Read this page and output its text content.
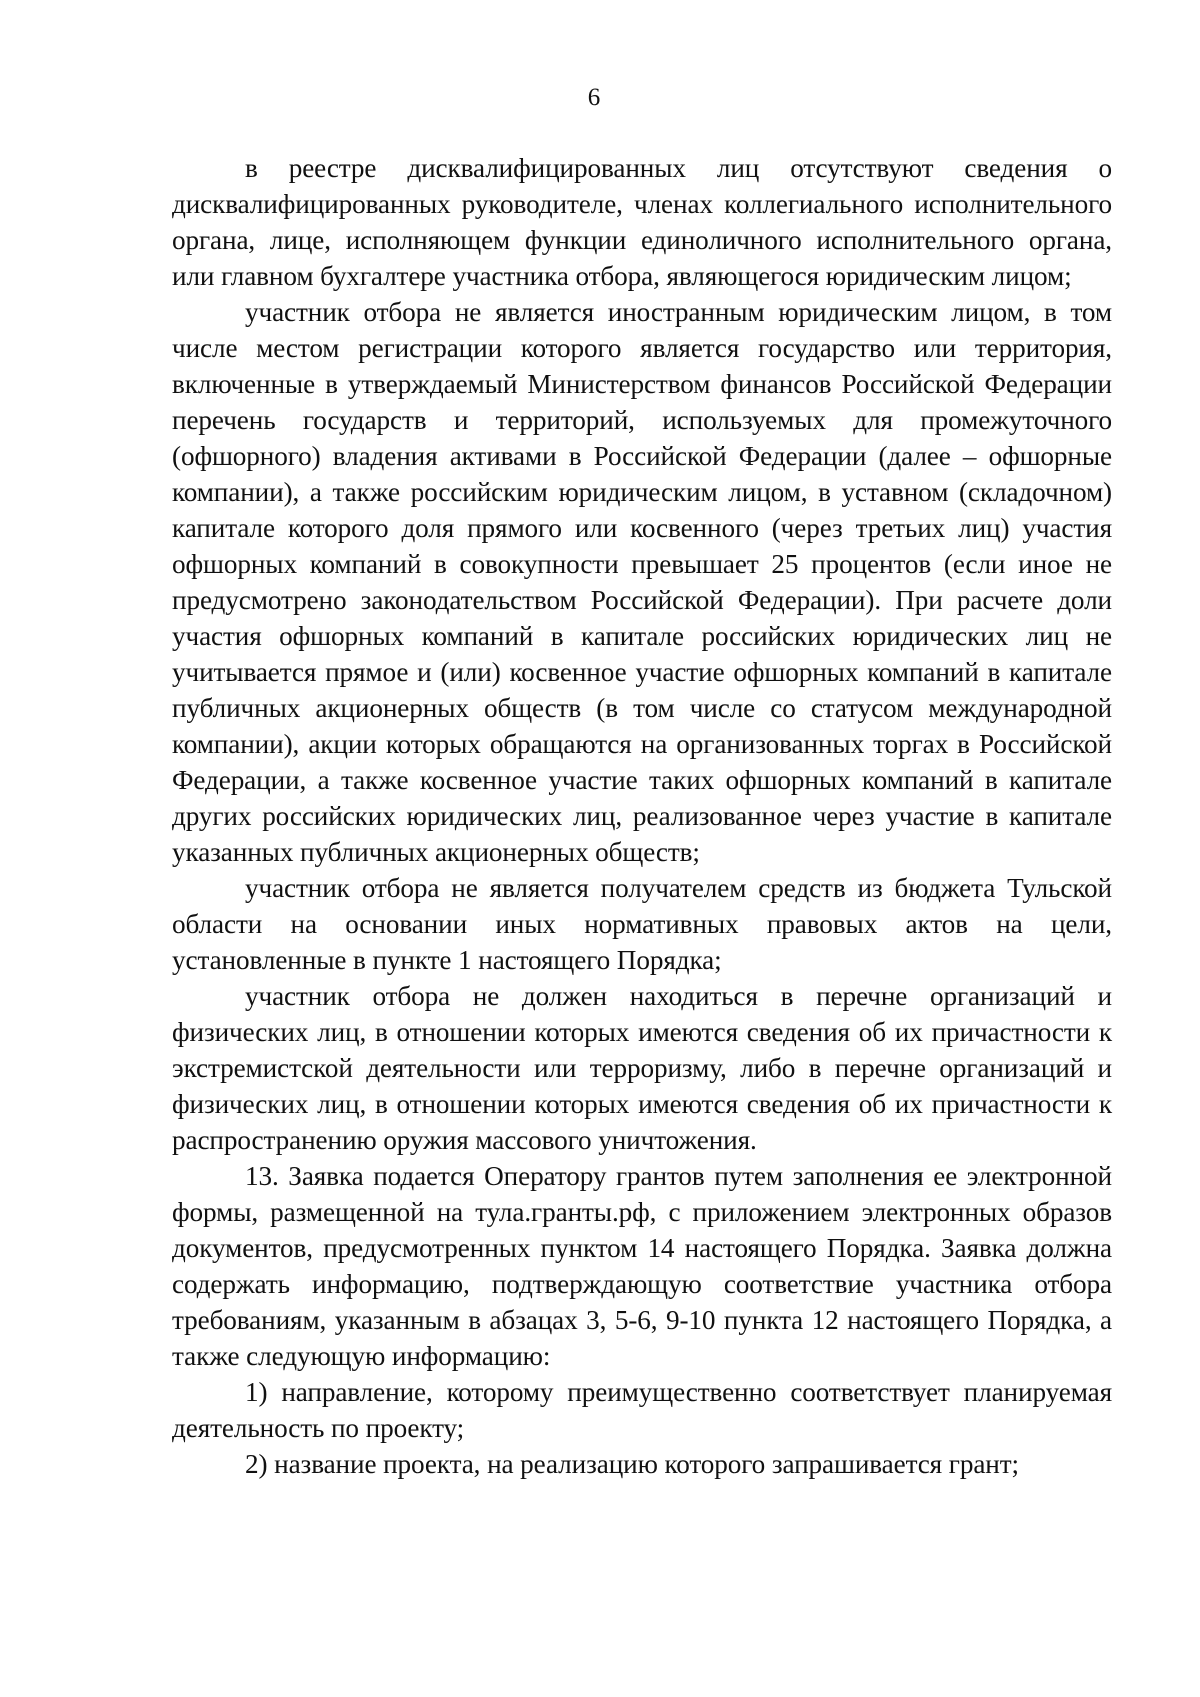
6

в реестре дисквалифицированных лиц отсутствуют сведения о дисквалифицированных руководителе, членах коллегиального исполнительного органа, лице, исполняющем функции единоличного исполнительного органа, или главном бухгалтере участника отбора, являющегося юридическим лицом;

участник отбора не является иностранным юридическим лицом, в том числе местом регистрации которого является государство или территория, включенные в утверждаемый Министерством финансов Российской Федерации перечень государств и территорий, используемых для промежуточного (офшорного) владения активами в Российской Федерации (далее – офшорные компании), а также российским юридическим лицом, в уставном (складочном) капитале которого доля прямого или косвенного (через третьих лиц) участия офшорных компаний в совокупности превышает 25 процентов (если иное не предусмотрено законодательством Российской Федерации). При расчете доли участия офшорных компаний в капитале российских юридических лиц не учитывается прямое и (или) косвенное участие офшорных компаний в капитале публичных акционерных обществ (в том числе со статусом международной компании), акции которых обращаются на организованных торгах в Российской Федерации, а также косвенное участие таких офшорных компаний в капитале других российских юридических лиц, реализованное через участие в капитале указанных публичных акционерных обществ;

участник отбора не является получателем средств из бюджета Тульской области на основании иных нормативных правовых актов на цели, установленные в пункте 1 настоящего Порядка;

участник отбора не должен находиться в перечне организаций и физических лиц, в отношении которых имеются сведения об их причастности к экстремистской деятельности или терроризму, либо в перечне организаций и физических лиц, в отношении которых имеются сведения об их причастности к распространению оружия массового уничтожения.

13. Заявка подается Оператору грантов путем заполнения ее электронной формы, размещенной на тула.гранты.рф, с приложением электронных образов документов, предусмотренных пунктом 14 настоящего Порядка. Заявка должна содержать информацию, подтверждающую соответствие участника отбора требованиям, указанным в абзацах 3, 5-6, 9-10 пункта 12 настоящего Порядка, а также следующую информацию:

1) направление, которому преимущественно соответствует планируемая деятельность по проекту;

2) название проекта, на реализацию которого запрашивается грант;
